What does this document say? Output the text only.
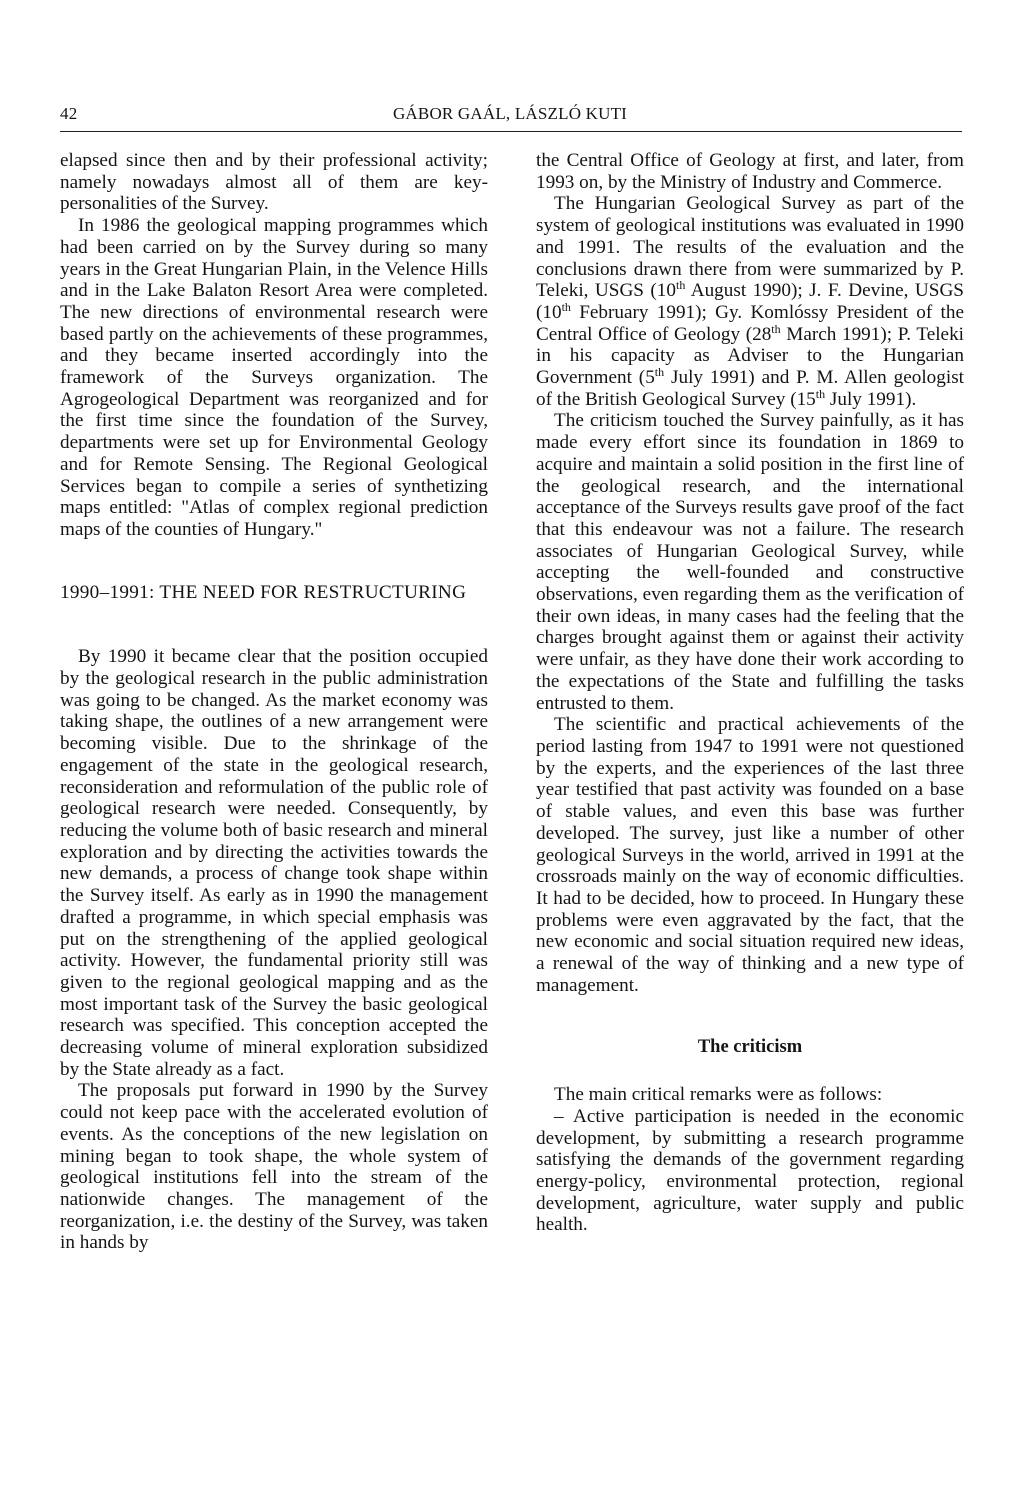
42	GÁBOR GAÁL, LÁSZLÓ KUTI

elapsed since then and by their professional activity; namely nowadays almost all of them are key-personalities of the Survey.

In 1986 the geological mapping programmes which had been carried on by the Survey during so many years in the Great Hungarian Plain, in the Velence Hills and in the Lake Balaton Resort Area were completed. The new directions of environmental research were based partly on the achievements of these programmes, and they became inserted accordingly into the framework of the Surveys organization. The Agrogeological Department was reorganized and for the first time since the foundation of the Survey, departments were set up for Environmental Geology and for Remote Sensing. The Regional Geological Services began to compile a series of synthetizing maps entitled: "Atlas of complex regional prediction maps of the counties of Hungary."

1990–1991: THE NEED FOR RESTRUCTURING

By 1990 it became clear that the position occupied by the geological research in the public administration was going to be changed. As the market economy was taking shape, the outlines of a new arrangement were becoming visible. Due to the shrinkage of the engagement of the state in the geological research, reconsideration and reformulation of the public role of geological research were needed. Consequently, by reducing the volume both of basic research and mineral exploration and by directing the activities towards the new demands, a process of change took shape within the Survey itself. As early as in 1990 the management drafted a programme, in which special emphasis was put on the strengthening of the applied geological activity. However, the fundamental priority still was given to the regional geological mapping and as the most important task of the Survey the basic geological research was specified. This conception accepted the decreasing volume of mineral exploration subsidized by the State already as a fact.

The proposals put forward in 1990 by the Survey could not keep pace with the accelerated evolution of events. As the conceptions of the new legislation on mining began to took shape, the whole system of geological institutions fell into the stream of the nationwide changes. The management of the reorganization, i.e. the destiny of the Survey, was taken in hands by

the Central Office of Geology at first, and later, from 1993 on, by the Ministry of Industry and Commerce.

The Hungarian Geological Survey as part of the system of geological institutions was evaluated in 1990 and 1991. The results of the evaluation and the conclusions drawn there from were summarized by P. Teleki, USGS (10th August 1990); J. F. Devine, USGS (10th February 1991); Gy. Komlóssy President of the Central Office of Geology (28th March 1991); P. Teleki in his capacity as Adviser to the Hungarian Government (5th July 1991) and P. M. Allen geologist of the British Geological Survey (15th July 1991).

The criticism touched the Survey painfully, as it has made every effort since its foundation in 1869 to acquire and maintain a solid position in the first line of the geological research, and the international acceptance of the Surveys results gave proof of the fact that this endeavour was not a failure. The research associates of Hungarian Geological Survey, while accepting the well-founded and constructive observations, even regarding them as the verification of their own ideas, in many cases had the feeling that the charges brought against them or against their activity were unfair, as they have done their work according to the expectations of the State and fulfilling the tasks entrusted to them.

The scientific and practical achievements of the period lasting from 1947 to 1991 were not questioned by the experts, and the experiences of the last three year testified that past activity was founded on a base of stable values, and even this base was further developed. The survey, just like a number of other geological Surveys in the world, arrived in 1991 at the crossroads mainly on the way of economic difficulties. It had to be decided, how to proceed. In Hungary these problems were even aggravated by the fact, that the new economic and social situation required new ideas, a renewal of the way of thinking and a new type of management.

The criticism

The main critical remarks were as follows:

– Active participation is needed in the economic development, by submitting a research programme satisfying the demands of the government regarding energy-policy, environmental protection, regional development, agriculture, water supply and public health.
